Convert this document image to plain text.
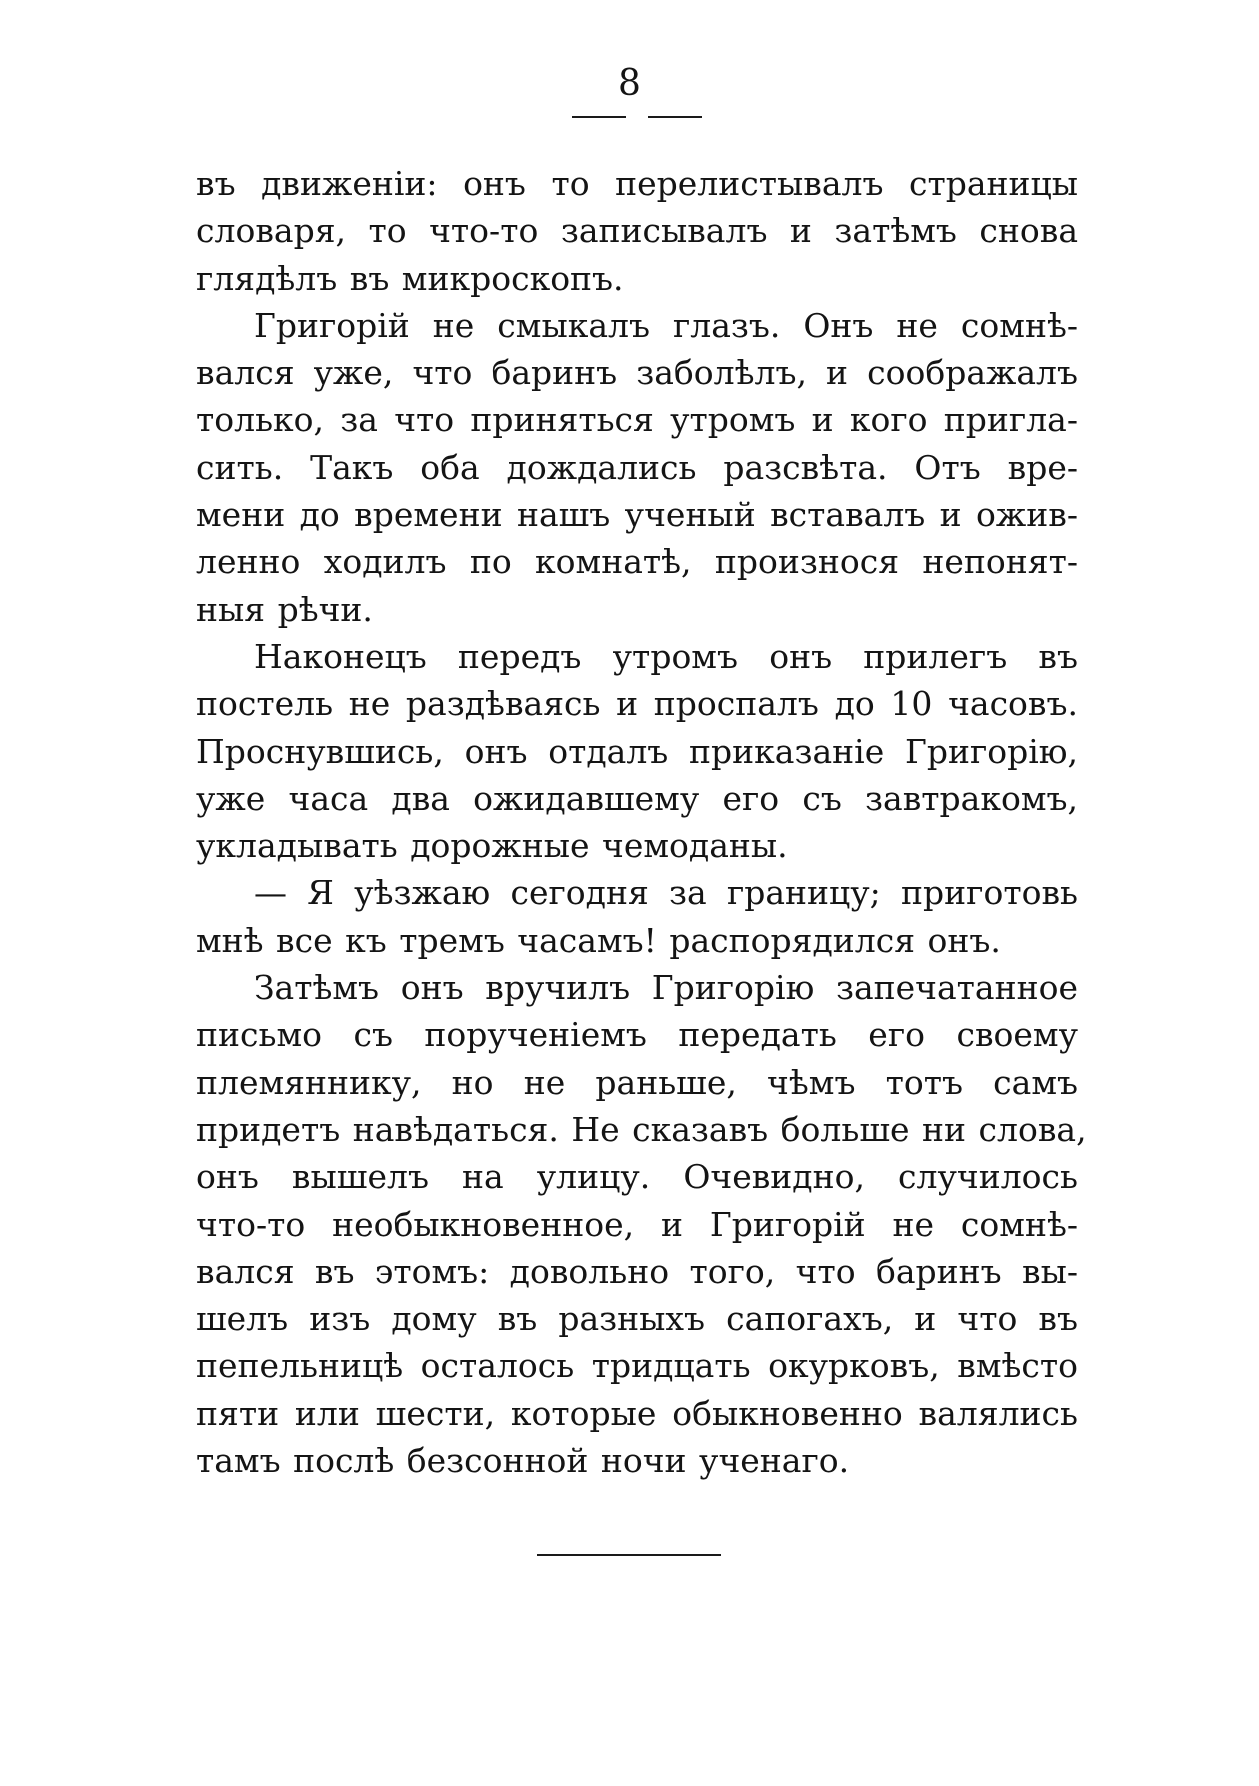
8
въ движенiи: онъ то перелистывалъ страницы
словаря, то что-то записывалъ и затѣмъ снова
глядѣлъ въ микроскопъ.
Григорiй не смыкалъ глазъ. Онъ не сомнѣ-
вался уже, что баринъ заболѣлъ, и соображалъ
только, за что приняться утромъ и кого пригла-
сить. Такъ оба дождались разсвѣта. Отъ вре-
мени до времени нашъ ученый вставалъ и ожив-
ленно ходилъ по комнатѣ, произнося непонят-
ныя рѣчи.
Наконецъ передъ утромъ онъ прилегъ въ
постель не раздѣваясь и проспалъ до 10 часовъ.
Проснувшись, онъ отдалъ приказанiе Григорiю,
уже часа два ожидавшему его съ завтракомъ,
укладывать дорожные чемоданы.
— Я уѣзжаю сегодня за границу; приготовь
мнѣ все къ тремъ часамъ! распорядился онъ.
Затѣмъ онъ вручилъ Григорiю запечатанное
письмо съ порученiемъ передать его своему
племяннику, но не раньше, чѣмъ тотъ самъ
придетъ навѣдаться. Не сказавъ больше ни слова,
онъ вышелъ на улицу. Очевидно, случилось
что-то необыкновенное, и Григорiй не сомнѣ-
вался въ этомъ: довольно того, что баринъ вы-
шелъ изъ дому въ разныхъ сапогахъ, и что въ
пепельницѣ осталось тридцать окурковъ, вмѣсто
пяти или шести, которые обыкновенно валялись
тамъ послѣ безсонной ночи ученаго.
